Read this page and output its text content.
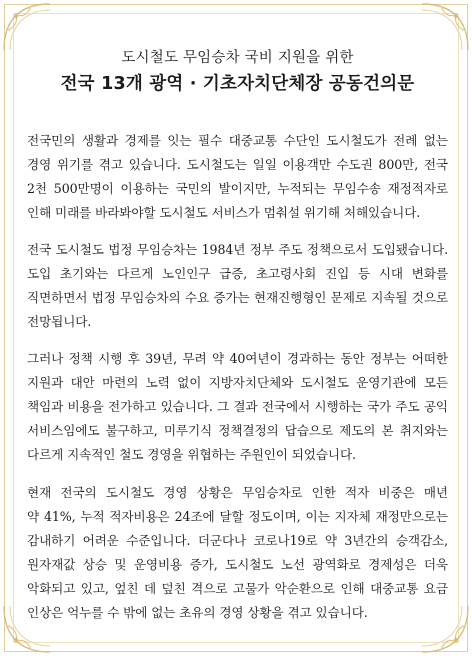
도시철도 무임승차 국비 지원을 위한
전국 13개 광역 · 기초자치단체장 공동건의문
전국민의 생활과 경제를 잇는 필수 대중교통 수단인 도시철도가 전례 없는
경영 위기를 겪고 있습니다. 도시철도는 일일 이용객만 수도권 800만, 전국
2천 500만명이 이용하는 국민의 발이지만, 누적되는 무임수송 재정적자로
인해 미래를 바라봐야할 도시철도 서비스가 멈춰설 위기해 처해있습니다.
전국 도시철도 법정 무임승차는 1984년 정부 주도 정책으로서 도입됐습니다.
도입 초기와는 다르게 노인인구 급증, 초고령사회 진입 등 시대 변화를
직면하면서 법정 무임승차의 수요 증가는 현재진행형인 문제로 지속될 것으로
전망됩니다.
그러나 정책 시행 후 39년, 무려 약 40여년이 경과하는 동안 정부는 어떠한
지원과 대안 마련의 노력 없이 지방자치단체와 도시철도 운영기관에 모든
책임과 비용을 전가하고 있습니다. 그 결과 전국에서 시행하는 국가 주도 공익
서비스임에도 불구하고, 미루기식 정책결정의 답습으로 제도의 본 취지와는
다르게 지속적인 철도 경영을 위협하는 주원인이 되었습니다.
현재 전국의 도시철도 경영 상황은 무임승차로 인한 적자 비중은 매년
약 41%, 누적 적자비용은 24조에 달할 정도이며, 이는 지자체 재정만으로는
감내하기 어려운 수준입니다. 더군다나 코로나19로 약 3년간의 승객감소,
원자재값 상승 및 운영비용 증가, 도시철도 노선 광역화로 경제성은 더욱
악화되고 있고, 엎친 데 덮친 격으로 고물가 악순환으로 인해 대중교통 요금
인상은 억누를 수 밖에 없는 초유의 경영 상황을 겪고 있습니다.
